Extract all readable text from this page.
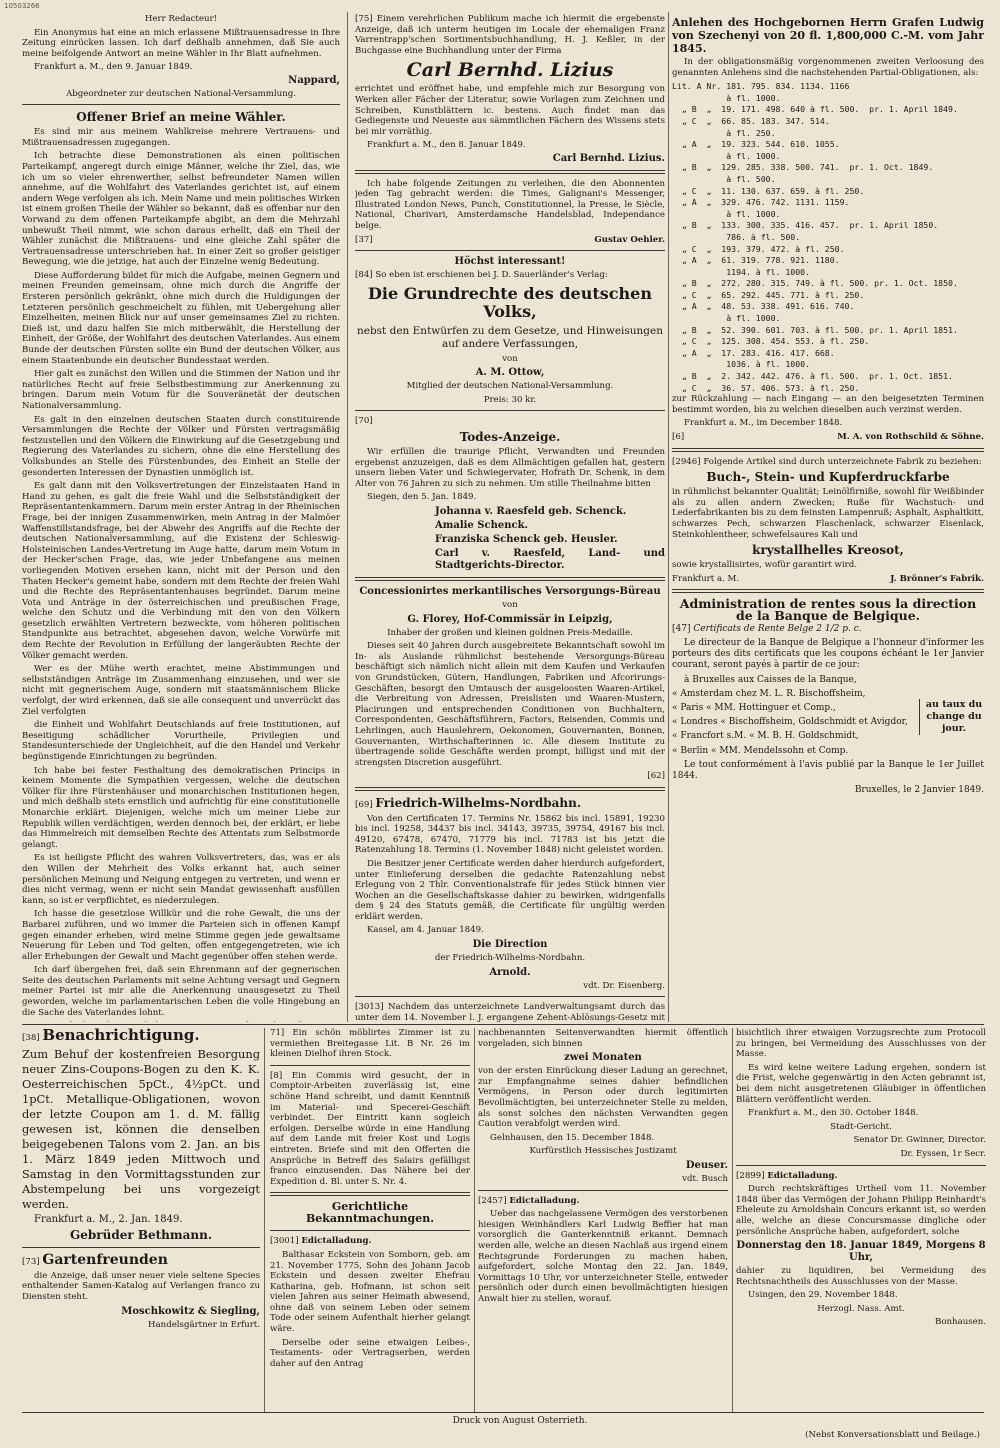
Herr Redacteur!

Ein Anonymus hat eine an mich erlassene Mißtrauensadresse in Ihre Zeitung einrücken lassen. Ich darf deßhalb annehmen, daß Sie auch meine beifolgende Antwort an meine Wähler in Ihr Blatt aufnehmen.

Frankfurt a. M., den 9. Januar 1849.

Nappard,

Abgeordneter zur deutschen National-Versammlung.

Offener Brief an meine Wähler.

Es sind mir aus meinem Wahlkreise mehrere Vertrauens- und Mißtrauensadressen zugegangen.

Ich betrachte diese Demonstrationen als einen politischen Parteikampf, angeregt durch einige Männer, welche ihr Ziel, das, wie ich um so vieler ehrenwerther, selbst befreundeter Namen willen annehme, auf die Wohlfahrt des Vaterlandes gerichtet ist, auf einem andern Wege verfolgen als ich. Mein Name und mein politisches Wirken ist einem großen Theile der Wähler so bekannt, daß es offenbar nur den Vorwand zu dem offenen Parteikampfe abgibt, an dem die Mehrzahl unbewußt Theil nimmt, wie schon daraus erhellt, daß ein Theil der Wähler zunächst die Mißtrauens- und eine gleiche Zahl später die Vertrauensadresse unterschrieben hat. In einer Zeit so großer geistiger Bewegung, wie die jetzige, hat auch der Einzelne wenig Bedeutung.

Diese Aufforderung bildet für mich die Aufgabe, meinen Gegnern und meinen Freunden gemeinsam, ohne mich durch die Angriffe der Ersteren persönlich gekränkt, ohne mich durch die Huldigungen der Letzteren persönlich geschmeichelt zu fühlen, mit Uebergehung aller Einzelheiten, meinen Blick nur auf unser gemeinsames Ziel zu richten. Dieß ist, und dazu halfen Sie mich mitberwählt, die Herstellung der Einheit, der Größe, der Wohlfahrt des deutschen Vaterlandes. Aus einem Bunde der deutschen Fürsten sollte ein Bund der deutschen Völker, aus einem Staatenbunde ein deutscher Bundesstaat werden.

Hier galt es zunächst den Willen und die Stimmen der Nation und ihr natürliches Recht auf freie Selbstbestimmung zur Anerkennung zu bringen. Darum mein Votum für die Souveränetät der deutschen Nationalversammlung.

Es galt in den einzelnen deutschen Staaten durch constituirende Versammlungen die Rechte der Völker und Fürsten vertragsmäßig festzustellen und den Völkern die Einwirkung auf die Gesetzgebung und Regierung des Vaterlandes zu sichern, ohne die eine Herstellung des Volksbundes an Stelle des Fürstenbundes, des Einheit an Stelle der gesonderten Interessen der Dynastien unmöglich ist.

Es galt dann mit den Volksvertretungen der Einzelstaaten Hand in Hand zu gehen, es galt die freie Wahl und die Selbstständigkeit der Repräsentantenkammern. Darum mein erster Antrag in der Rheinischen Frage, bei der innigen Zusammenwirken, mein Antrag in der Malmöer Waffenstillstandsfrage, bei der Abwehr des Angriffs auf die Rechte der deutschen Nationalversammlung, auf die Existenz der Schleswig-Holsteinischen Landes-Vertretung im Auge hatte, darum mein Votum in der Hecker'schen Frage, das, wie jeder Unbefangene aus meinen vorliegenden Motiven ersehen kann, nicht mit der Person und den Thaten Hecker's gemeint habe, sondern mit dem Rechte der freien Wahl und die Rechte des Repräsentantenhauses begründet. Darum meine Vota und Anträge in der österreichischen und preußischen Frage, welche den Schutz und die Verbindung mit den von den Völkern gesetzlich erwählten Vertretern bezweckte, vom höheren politischen Standpunkte aus betrachtet, abgesehen davon, welche Vorwürfe mit dem Rechte der Revolution in Erfüllung der langeräubten Rechte der Völker gemacht werden.

Wer es der Mühe werth erachtet, meine Abstimmungen und selbstständigen Anträge im Zusammenhang einzusehen, und wer sie nicht mit gegnerischem Auge, sondern mit staatsmännischem Blicke verfolgt, der wird erkennen, daß sie alle consequent und unverrückt das Ziel verfolgten

die Einheit und Wohlfahrt Deutschlands auf freie Institutionen, auf Beseitigung schädlicher Vorurtheile, Privilegien und Standesunterschiede der Ungleichheit, auf die den Handel und Verkehr begünstigende Einrichtungen zu begründen.

Ich habe bei fester Festhaltung des demokratischen Princips in keinem Momente die Sympathien vergessen, welche die deutschen Völker für ihre Fürstenhäuser und monarchischen Institutionen hegen, und mich deßhalb stets ernstlich und aufrichtig für eine constitutionelle Monarchie erklärt. Diejenigen, welche mich um meiner Liebe zur Republik willen verdächtigen, werden dennoch bei, der erklärt, er liebe das Himmelreich mit demselben Rechte des Attentats zum Selbstmorde gelangt.

Es ist heiligste Pflicht des wahren Volksvertreters, das, was er als den Willen der Mehrheit des Volks erkannt hat, auch seiner persönlichen Meinung und Neigung entgegen zu vertreten, und wenn er dies nicht vermag, wenn er nicht sein Mandat gewissenhaft ausfüllen kann, so ist er verpflichtet, es niederzulegen.

Ich hasse die gesetzlose Willkür und die rohe Gewalt, die uns der Barbarei zuführen, und wo immer die Parteien sich in offenen Kampf gegen einander erheben, wird meine Stimme gegen jede gewaltsame Neuerung für Leben und Tod gelten, offen entgegengetreten, wie ich aller Erhebungen der Gewalt und Macht gegenüber offen stehen werde.

Ich darf übergehen frei, daß sein Ehrenmann auf der gegnerischen Seite des deutschen Parlaments mit seine Achtung versagt und Gegnern meiner Partei ist mir alle die Anerkennung unausgesetzt zu Theil geworden, welche im parlamentarischen Leben die volle Hingebung an die Sache des Vaterlandes lohnt.

[75] Einem verehrlichen Publikum mache ich hiermit die ergebenste Anzeige, daß ich unterm heutigen im Locale der ehemaligen Franz Varrentrapp'schen Sortimentsbuchhandlung, H. J. Keßler, in der Buchgasse eine Buchhandlung unter der Firma

Carl Bernhd. Lizius

errichtet und eröffnet habe, und empfehle mich zur Besorgung von Werken aller Fächer der Literatur, sowie Vorlagen zum Zeichnen und Schreiben, Kunstblättern ic. bestens. Auch findet man das Gediegenste und Neueste aus sämmtlichen Fächern des Wissens stets bei mir vorräthig.

Frankfurt a. M., den 8. Januar 1849.

Carl Bernhd. Lizius.

Ich habe folgende Zeitungen zu verleihen, die den Abonnenten jeden Tag gebracht werden: die Times, Galignani's Messenger, Illustrated London News, Punch, Constitutionnel, la Presse, le Siècle, National, Charivari, Amsterdamsche Handelsblad, Independance belge.

[37]	Gustav Oehler.

Höchst interessant!

[84] So eben ist erschienen bei J. D. Sauerländer's Verlag:

Die Grundrechte des deutschen Volks,

nebst den Entwürfen zu dem Gesetze, und Hinweisungen auf andere Verfassungen,

von

A. M. Ottow,

Mitglied der deutschen National-Versammlung.

Preis: 30 kr.

[70]

Todes-Anzeige.

Wir erfüllen die traurige Pflicht, Verwandten und Freunden ergebenst anzuzeigen, daß es dem Allmächtigen gefallen hat, gestern unsern lieben Vater und Schwiegervater, Hofrath Dr. Schenk, in dem Alter von 76 Jahren zu sich zu nehmen. Um stille Theilnahme bitten

Siegen, den 5. Jan. 1849.

Johanna v. Raesfeld geb. Schenck.

Amalie Schenck.

Franziska Schenck geb. Heusler.

Carl v. Raesfeld, Land- und Stadtgerichts-Director.

Concessionirtes merkantilisches Versorgungs-Büreau

von

G. Florey, Hof-Commissär in Leipzig,

Inhaber der großen und kleinen goldnen Preis-Medaille.

Dieses seit 40 Jahren durch ausgebreitete Bekanntschaft sowohl im In- als Auslande rühmlichst bestehende Versorgungs-Büreau beschäftigt sich nämlich nicht allein mit dem Kaufen und Verkaufen von Grundstücken, Gütern, Handlungen, Fabriken und Afcorirungs-Geschäften, besorgt den Umtausch der ausgeloosten Waaren-Artikel, die Verbreitung von Adressen, Preislisten und Waaren-Mustern, Placirungen und entsprechenden Conditionen von Buchhaltern, Correspondenten, Geschäftsführern, Factors, Reisenden, Commis und Lehrlingen, auch Hauslehrern, Oekonomen, Gouvernanten, Bonnen, Gouvernanten, Wirthschafterinnen ic. Alle diesem Institute zu übertragende solide Geschäfte werden prompt, billigst und mit der strengsten Discretion ausgeführt.

[62]

[69] Friedrich-Wilhelms-Nordbahn.

Von den Certificaten 17. Termins Nr. 15862 bis incl. 15891, 19230 bis incl. 19258, 34437 bis incl. 34143, 39735, 39754, 49167 bis incl. 49120, 67478, 67470, 71779 bis incl. 71783 ist bis jetzt die Ratenzahlung 18. Termins (1. November 1848) nicht geleistet worden.

Die Besitzer jener Certificate werden daher hierdurch aufgefordert, unter Einlieferung derselben die gedachte Ratenzahlung nebst Erlegung von 2 Thlr. Conventionalstrafe für jedes Stück binnen vier Wochen an die Gesellschaftskasse dahier zu bewirken, widrigenfalls dem § 24 des Statuts gemäß, die Certificate für ungültig werden erklärt werden.

Kassel, am 4. Januar 1849.

Die Direction

der Friedrich-Wilhelms-Nordbahn.

Arnold.

vdt. Dr. Eisenberg.

[3013] Nachdem das unterzeichnete Landverwaltungsamt durch das unter dem 14. November l. J. ergangene Zehent-Ablösungs-Gesetz mit

Anlehen des Hochgebornen Herrn Grafen Ludwig von Szechenyi von 20 fl. 1,800,000 C.-M. vom Jahr 1845.

In der obligationsmäßig vorgenommenen zweiten Verloosung des genannten Anlehens sind die nachstehenden Partial-Obligationen, als:

Lit. A Nr. 181. 795. 834. 1134. 1166

à fl. 1000.

„ B  „  19. 171. 498. 640 à fl. 500.  pr. 1. April 1849.

„ C  „  66. 85. 183. 347. 514.

à fl. 250.

„ A  „  19. 323. 544. 610. 1055.

à fl. 1000.

„ B  „  129. 285. 338. 500. 741.  pr. 1. Oct. 1849.

à fl. 500.

„ C  „  11. 130. 637. 659. à fl. 250.

„ A  „  329. 476. 742. 1131. 1159.

à fl. 1000.

„ B  „  133. 300. 335. 416. 457.  pr. 1. April 1850.

786. à fl. 500.

„ C  „  193. 379. 472. à fl. 250.

„ A  „  61. 319. 778. 921. 1180.

1194. à fl. 1000.

„ B  „  272. 280. 315. 749. à fl. 500. pr. 1. Oct. 1850.

„ C  „  65. 292. 445. 771. à fl. 250.

„ A  „  48. 53. 338. 491. 616. 740.

à fl. 1000.

„ B  „  52. 390. 601. 703. à fl. 500. pr. 1. April 1851.

„ C  „  125. 308. 454. 553. à fl. 250.

„ A  „  17. 283. 416. 417. 668.

1036. à fl. 1000.

„ B  „  2. 342. 442. 476. à fl. 500.  pr. 1. Oct. 1851.

„ C  „  36. 57. 406. 573. à fl. 250.

zur Rückzahlung — nach Eingang — an den beigesetzten Terminen bestimmt worden, bis zu welchen dieselben auch verzinst werden.

Frankfurt a. M., im December 1848.

[6]	M. A. von Rothschild & Söhne.

[2946] Folgende Artikel sind durch unterzeichnete Fabrik zu beziehen:

Buch-, Stein- und Kupferdruckfarbe

in rühmlichst bekannter Qualität; Leinölfirniße, sowohl für Weißbinder als zu allen andern Zwecken; Ruße für Wachstuch- und Lederfabrikanten bis zu dem feinsten Lampenruß; Asphalt, Asphaltkitt, schwarzes Pech, schwarzen Flaschenlack, schwarzer Eisenlack, Steinkohlentheer, schwefelsaures Kali und

krystallhelles Kreosot,

sowie krystallisirtes, wofür garantirt wird.

Frankfurt a. M.	J. Brönner's Fabrik.

Administration de rentes sous la direction de la Banque de Belgique.

[47] Certificats de Rente Belge 2 1/2 p. c.

Le directeur de la Banque de Belgique a l'honneur d'informer les porteurs des dits certificats que les coupons échéant le 1er Janvier courant, seront payés à partir de ce jour:

à Bruxelles aux Caisses de la Banque,

« Amsterdam chez M. L. R. Bischoffsheim,

« Paris « MM. Hottinguer et Comp.,

« Londres « Bischoffsheim, Goldschmidt et Avigdor,

« Francfort s.M. « M. B. H. Goldschmidt,

« Berlin « MM. Mendelssohn et Comp.

au taux du change du jour.

Le tout conformément à l'avis publié par la Banque le 1er Juillet 1844.

Bruxelles, le 2 Janvier 1849.

[38] Benachrichtigung.

Zum Behuf der kostenfreien Besorgung neuer Zins-Coupons-Bogen zu den K. K. Oesterreichischen 5pCt., 4½pCt. und 1pCt. Metallique-Obligationen, wovon der letzte Coupon am 1. d. M. fällig gewesen ist, können die denselben beigegebenen Talons vom 2. Jan. an bis 1. März 1849 jeden Mittwoch und Samstag in den Vormittagsstunden zur Abstempelung bei uns vorgezeigt werden.

Frankfurt a. M., 2. Jan. 1849.

Gebrüder Bethmann.

[73] Gartenfreunden

die Anzeige, daß unser neuer viele seltene Species enthaltender Samen-Katalog auf Verlangen franco zu Diensten steht.

Moschkowitz & Siegling,

Handelsgärtner in Erfurt.

71] Ein schön möblirtes Zimmer ist zu vermiethen Breitegasse Lit. B Nr. 26 im kleinen Dielhof ihren Stock.

[8] Ein Commis wird gesucht, der in Comptoir-Arbeiten zuverlässig ist, eine schöne Hand schreibt, und damit Kenntniß im Material- und Specerei-Geschäft verbindet. Der Eintritt kann sogleich erfolgen. Derselbe würde in eine Handlung auf dem Lande mit freier Kost und Logis eintreten. Briefe sind mit den Offerten die Ansprüche in Betreff des Salairs gefälligst franco einzusenden. Das Nähere bei der Expedition d. Bl. unter S. Nr. 4.

Gerichtliche Bekanntmachungen.

[3001] Edictalladung.

Balthasar Eckstein von Somborn, geb. am 21. November 1775, Sohn des Johann Jacob Eckstein und dessen zweiter Ehefrau Katharina, geb. Hofmann, ist schon seit vielen Jahren aus seiner Heimath abwesend, ohne daß von seinem Leben oder seinem Tode oder seinem Aufenthalt hierher gelangt wäre.

Derselbe oder seine etwaigen Leibes-, Testaments- oder Vertragserben, werden daher auf den Antrag

nachbenannten Seitenverwandten hiermit öffentlich vorgeladen, sich binnen

zwei Monaten

von der ersten Einrückung dieser Ladung an gerechnet, zur Empfangnahme seines dahier befindlichen Vermögens, in Person oder durch legitimirten Bevollmächtigten, bei unterzeichneter Stelle zu melden, als sonst solches den nächsten Verwandten gegen Caution verabfolgt werden wird.

Gelnhausen, den 15. December 1848.

Kurfürstlich Hessisches Justizamt

Deuser.

vdt. Busch

[2457] Edictalladung.

Ueber das nachgelassene Vermögen des verstorbenen hiesigen Weinhändlers Karl Ludwig Beffier hat man vorsorglich die Ganterkenntniß erkannt. Demnach werden alle, welche an diesen Nachlaß aus irgend einem Rechtsgrunde Forderungen zu machen haben, aufgefordert, solche Montag den 22. Jan. 1849, Vormittags 10 Uhr, vor unterzeichneter Stelle, entweder persönlich oder durch einen bevollmächtigten hiesigen Anwalt hier zu stellen, worauf.

bisichtlich ihrer etwaigen Vorzugsrechte zum Protocoll zu bringen, bei Vermeidung des Ausschlusses von der Masse.

Es wird keine weitere Ladung ergehen, sondern ist die Frist, welche gegenwärtig in den Acten gebrannt ist, bei dem nicht ausgetretenen Gläubiger in öffentlichen Blättern veröffentlicht werden.

Frankfurt a. M., den 30. October 1848.

Stadt-Gericht.

Senator Dr. Gwinner, Director.

Dr. Eyssen, 1r Secr.

[2899] Edictalladung.

Durch rechtskräftiges Urtheil vom 11. November 1848 über das Vermögen der Johann Philipp Reinhardt's Eheleute zu Arnoldshain Concurs erkannt ist, so werden alle, welche an diese Concursmasse dingliche oder persönliche Ansprüche haben, aufgefordert, solche

Donnerstag den 18. Januar 1849, Morgens 8 Uhr,

dahier zu liquidiren, bei Vermeidung des Rechtsnachtheils des Ausschlusses von der Masse.

Usingen, den 29. November 1848.

Herzogl. Nass. Amt.

Bonhausen.

Druck von August Osterrieth.
(Nebst Konversationsblatt und Beilage.)
10503266
